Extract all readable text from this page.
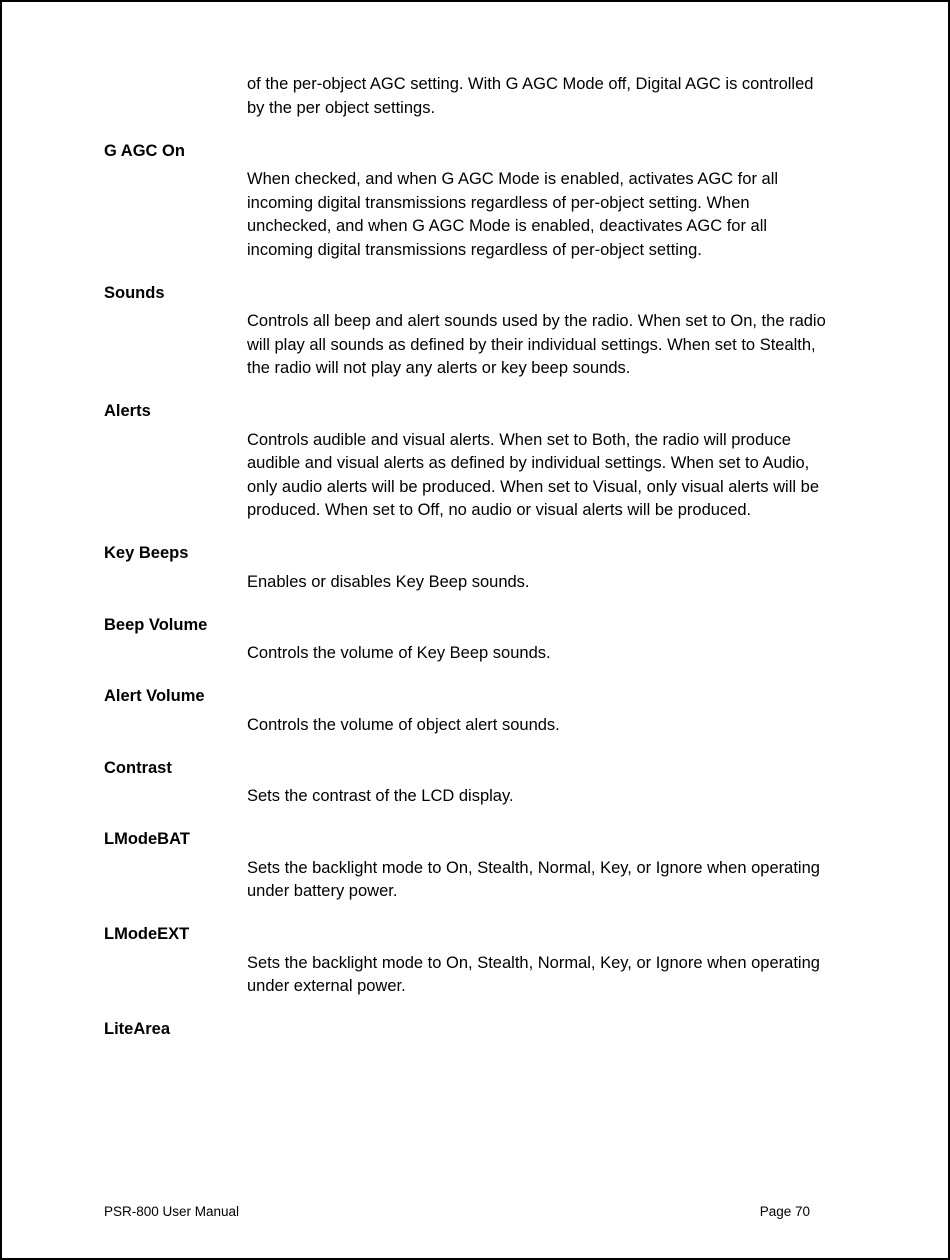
of the per-object AGC setting. With G AGC Mode off, Digital AGC is controlled by the per object settings.

G AGC On

When checked, and when G AGC Mode is enabled, activates AGC for all incoming digital transmissions regardless of per-object setting. When unchecked, and when G AGC Mode is enabled, deactivates AGC for all incoming digital transmissions regardless of per-object setting.

Sounds

Controls all beep and alert sounds used by the radio. When set to On, the radio will play all sounds as defined by their individual settings. When set to Stealth, the radio will not play any alerts or key beep sounds.

Alerts

Controls audible and visual alerts. When set to Both, the radio will produce audible and visual alerts as defined by individual settings. When set to Audio, only audio alerts will be produced. When set to Visual, only visual alerts will be produced. When set to Off, no audio or visual alerts will be produced.

Key Beeps

Enables or disables Key Beep sounds.

Beep Volume

Controls the volume of Key Beep sounds.

Alert Volume

Controls the volume of object alert sounds.

Contrast

Sets the contrast of the LCD display.

LModeBAT

Sets the backlight mode to On, Stealth, Normal, Key, or Ignore when operating under battery power.

LModeEXT

Sets the backlight mode to On, Stealth, Normal, Key, or Ignore when operating under external power.

LiteArea
PSR-800 User Manual	Page 70
